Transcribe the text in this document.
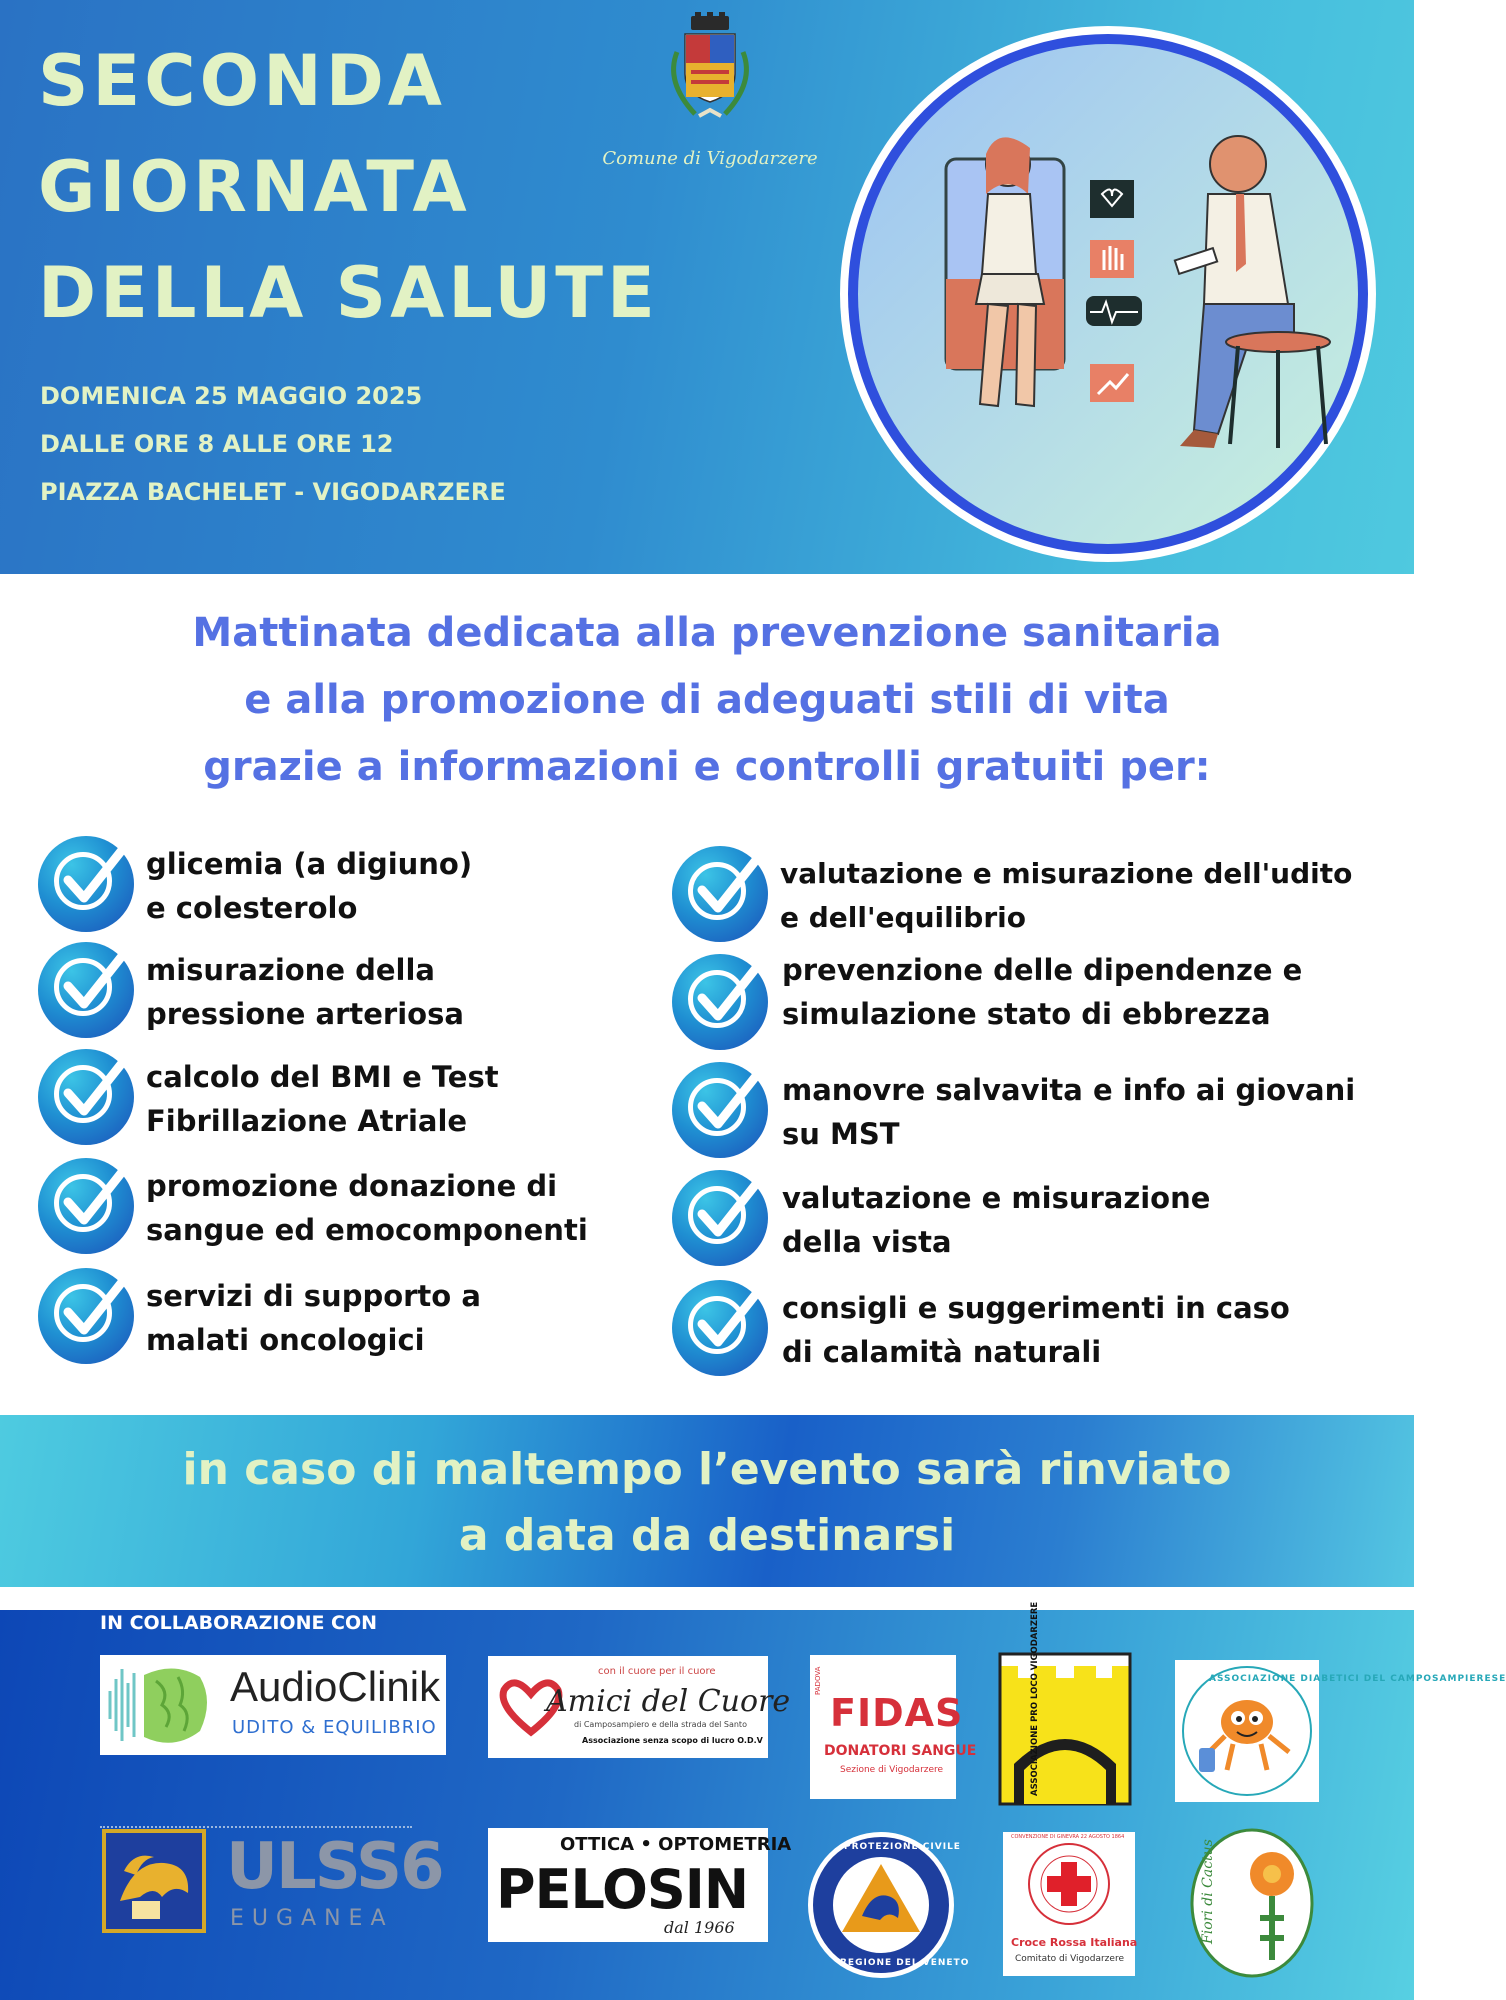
SECONDA
GIORNATA
DELLA SALUTE
DOMENICA 25 MAGGIO 2025
DALLE ORE 8 ALLE ORE 12
PIAZZA BACHELET - VIGODARZERE
Comune di Vigodarzere
Mattinata dedicata alla prevenzione sanitaria
e alla promozione di adeguati stili di vita
grazie a informazioni e controlli gratuiti per:
glicemia (a digiuno)
e colesterolo
misurazione della
pressione arteriosa
calcolo del BMI e Test
Fibrillazione Atriale
promozione donazione di
sangue ed emocomponenti
servizi di supporto a
malati oncologici
valutazione e misurazione dell'udito
e dell'equilibrio
prevenzione delle dipendenze e
simulazione stato di ebbrezza
manovre salvavita e info ai giovani
su MST
valutazione e misurazione
della vista
consigli e suggerimenti in caso
di calamità naturali
in caso di maltempo l’evento sarà rinviato
a data da destinarsi
IN COLLABORAZIONE CON
AudioClinik
UDITO & EQUILIBRIO
con il cuore per il cuore
Amici del Cuore
di Camposampiero e della strada del Santo
Associazione senza scopo di lucro O.D.V
FIDAS
PADOVA
DONATORI SANGUE
Sezione di Vigodarzere	ASSOCIAZIONE PRO LOCO VIGODARZERE	ASSOCIAZIONE DIABETICI DEL CAMPOSAMPIERESE
ULSS6
EUGANEA
OTTICA • OPTOMETRIA
PELOSIN
dal 1966
PROTEZIONE CIVILE
REGIONE DEL VENETO
CONVENZIONE DI GINEVRA 22 AGOSTO 1864
Croce Rossa Italiana
Comitato di Vigodarzere
Fiori di Cactus
